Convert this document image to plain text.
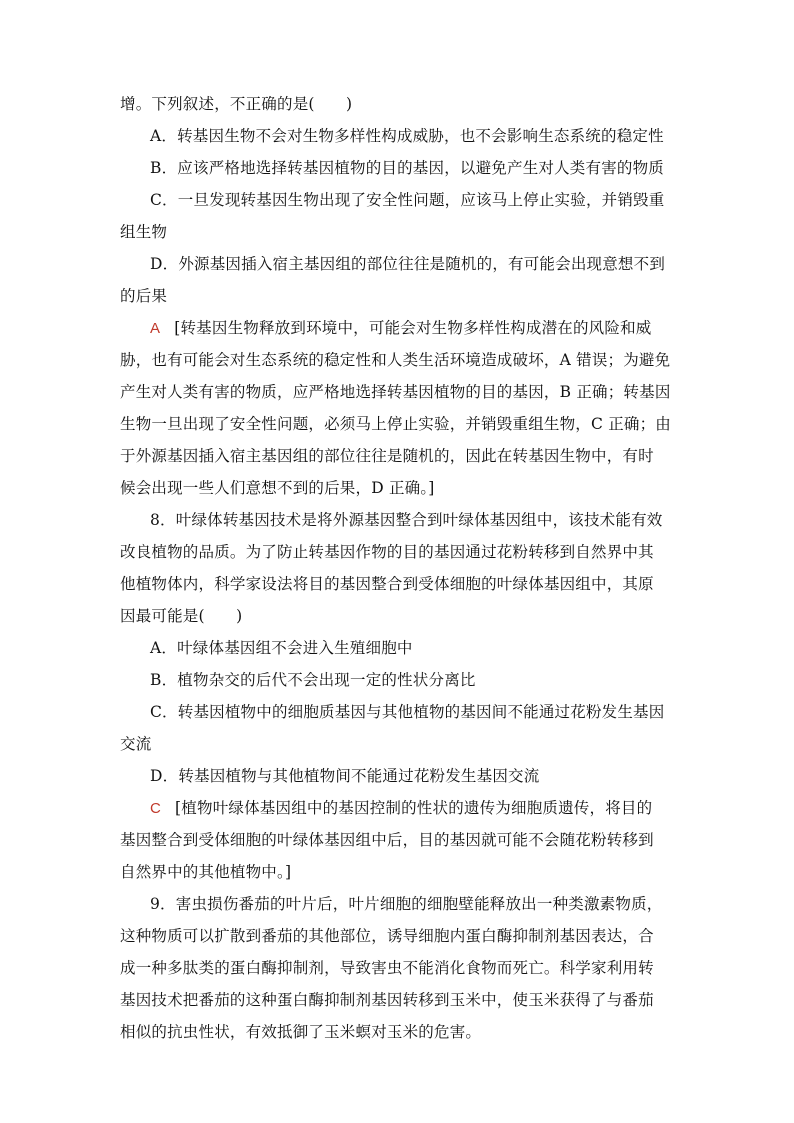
增。下列叙述，不正确的是(　　)
A．转基因生物不会对生物多样性构成威胁，也不会影响生态系统的稳定性
B．应该严格地选择转基因植物的目的基因，以避免产生对人类有害的物质
C．一旦发现转基因生物出现了安全性问题，应该马上停止实验，并销毁重
组生物
D．外源基因插入宿主基因组的部位往往是随机的，有可能会出现意想不到
的后果
A [转基因生物释放到环境中，可能会对生物多样性构成潜在的风险和威
胁，也有可能会对生态系统的稳定性和人类生活环境造成破坏，A 错误；为避免
产生对人类有害的物质，应严格地选择转基因植物的目的基因，B 正确；转基因
生物一旦出现了安全性问题，必须马上停止实验，并销毁重组生物，C 正确；由
于外源基因插入宿主基因组的部位往往是随机的，因此在转基因生物中，有时
候会出现一些人们意想不到的后果，D 正确。]
8．叶绿体转基因技术是将外源基因整合到叶绿体基因组中，该技术能有效
改良植物的品质。为了防止转基因作物的目的基因通过花粉转移到自然界中其
他植物体内，科学家设法将目的基因整合到受体细胞的叶绿体基因组中，其原
因最可能是(　　)
A．叶绿体基因组不会进入生殖细胞中
B．植物杂交的后代不会出现一定的性状分离比
C．转基因植物中的细胞质基因与其他植物的基因间不能通过花粉发生基因
交流
D．转基因植物与其他植物间不能通过花粉发生基因交流
C [植物叶绿体基因组中的基因控制的性状的遗传为细胞质遗传，将目的
基因整合到受体细胞的叶绿体基因组中后，目的基因就可能不会随花粉转移到
自然界中的其他植物中。]
9．害虫损伤番茄的叶片后，叶片细胞的细胞壁能释放出一种类激素物质，
这种物质可以扩散到番茄的其他部位，诱导细胞内蛋白酶抑制剂基因表达，合
成一种多肽类的蛋白酶抑制剂，导致害虫不能消化食物而死亡。科学家利用转
基因技术把番茄的这种蛋白酶抑制剂基因转移到玉米中，使玉米获得了与番茄
相似的抗虫性状，有效抵御了玉米螟对玉米的危害。
